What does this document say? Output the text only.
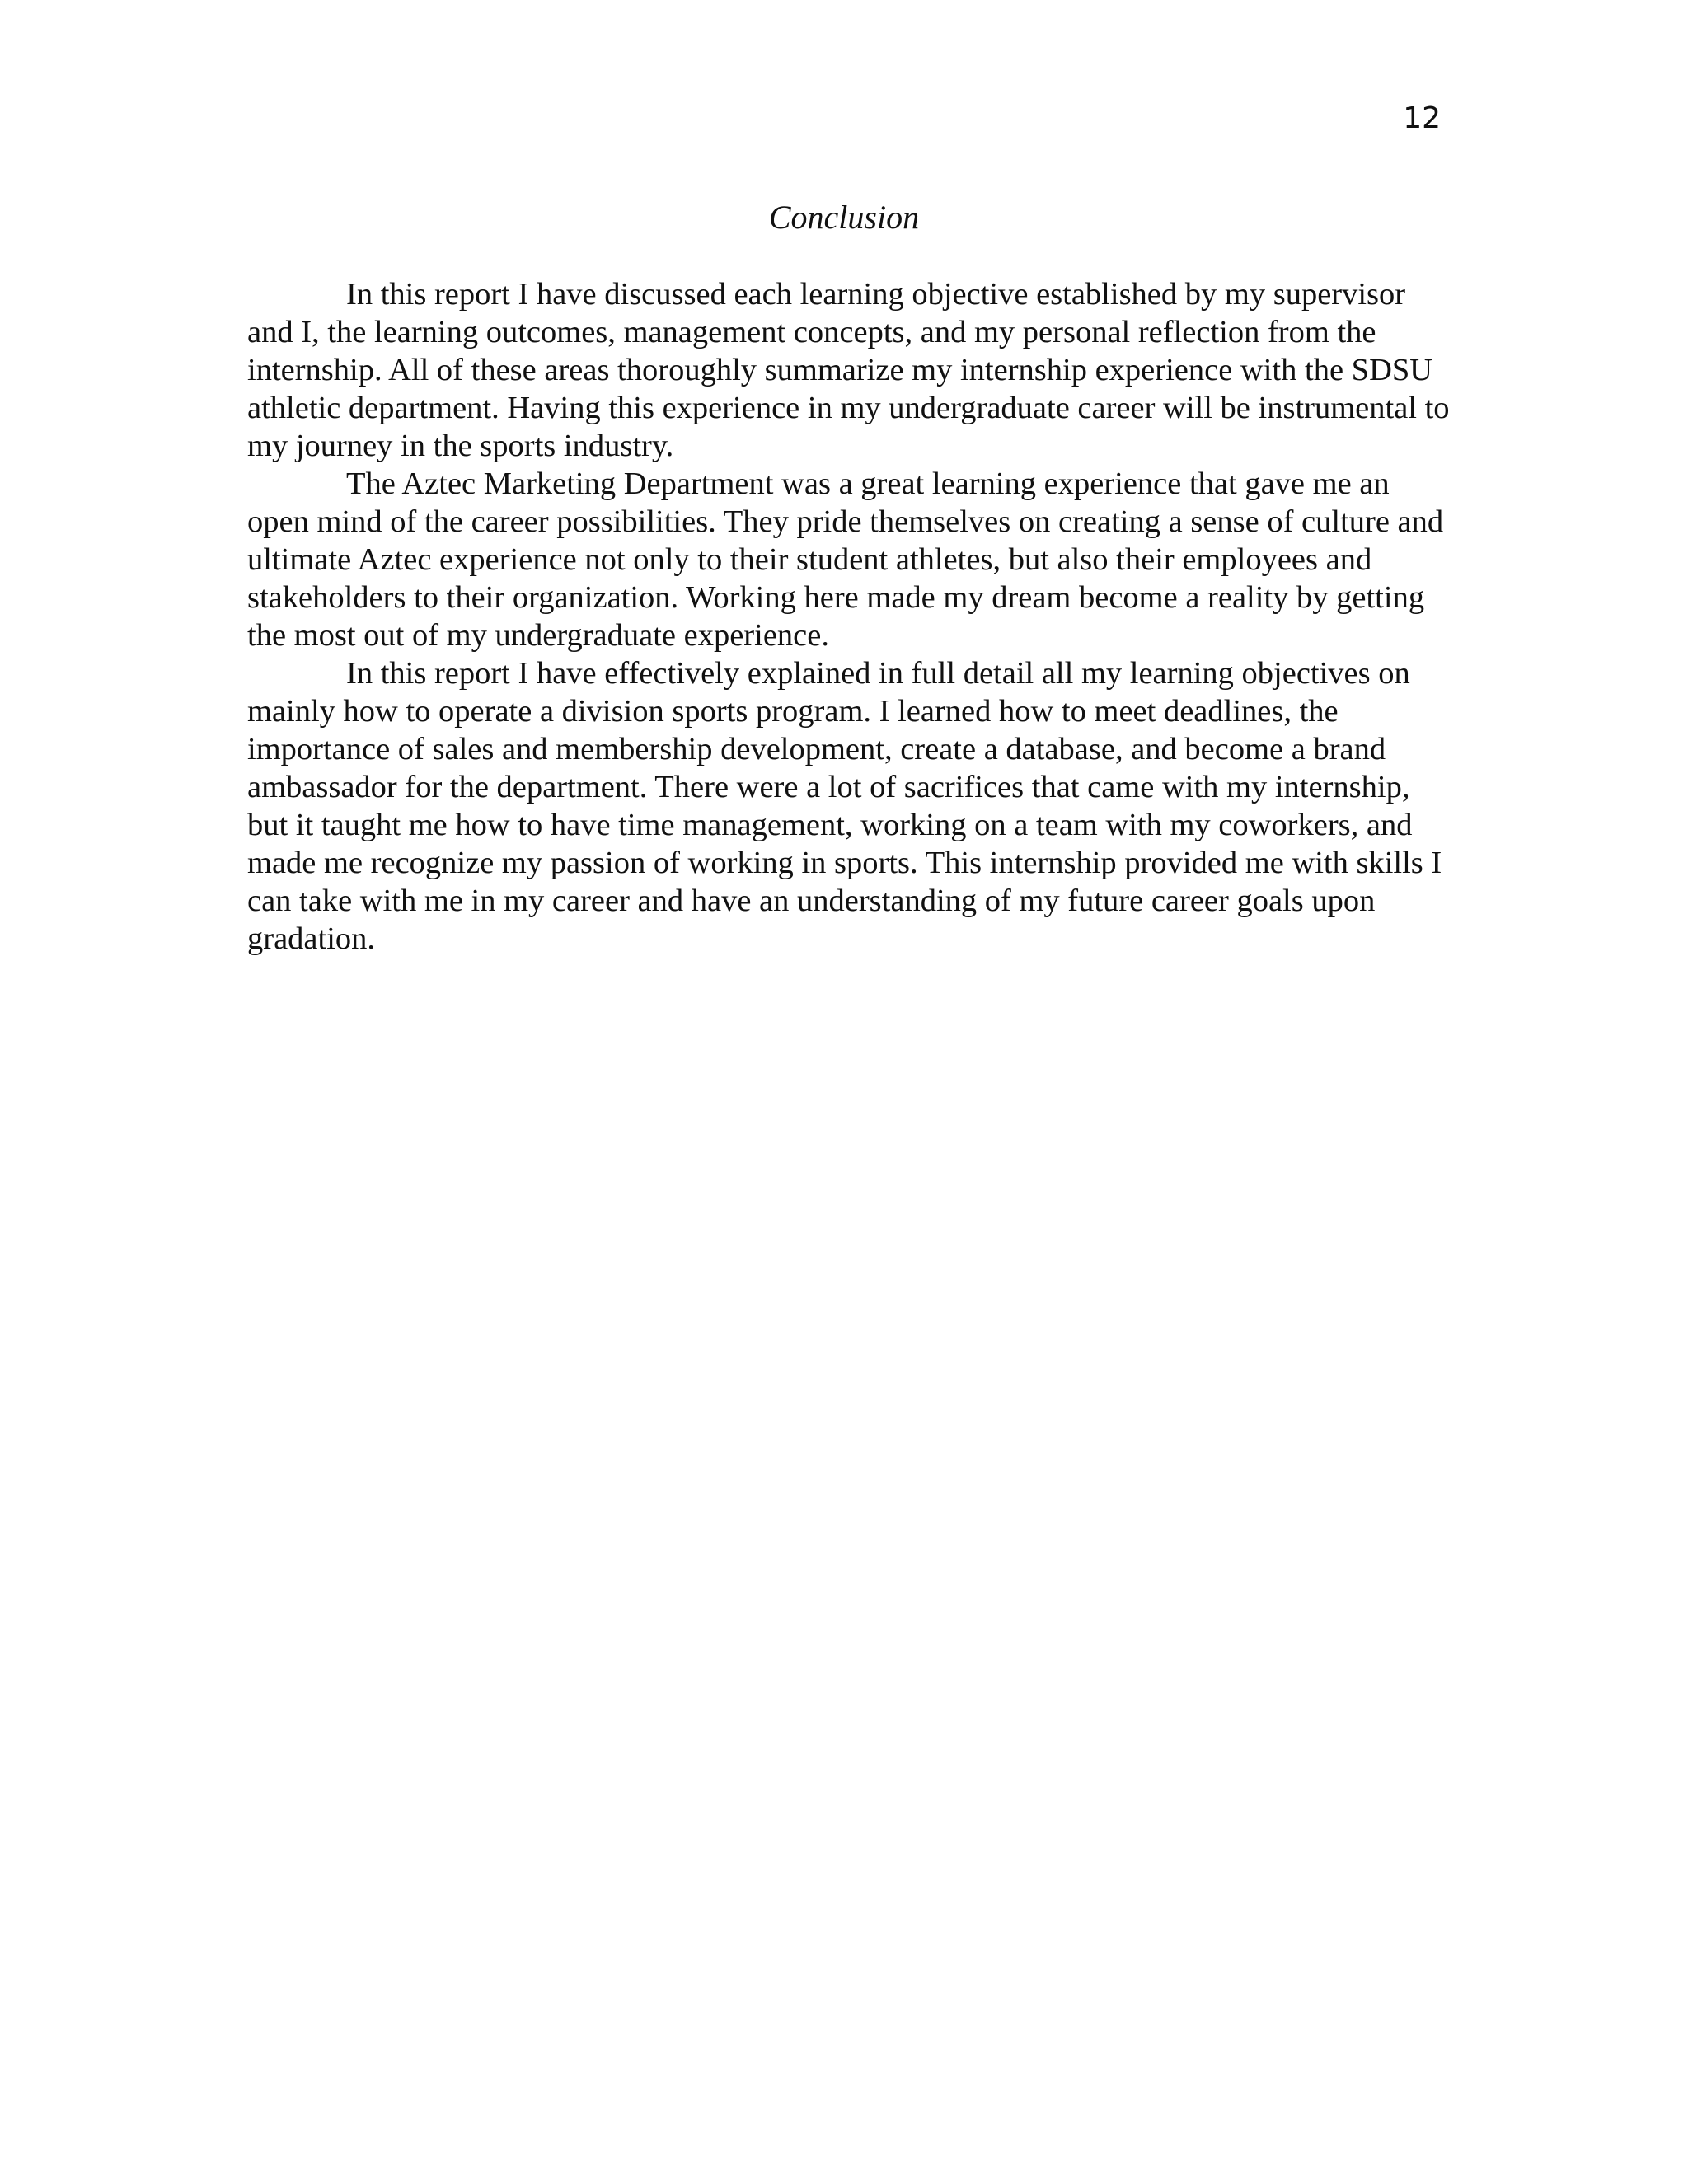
12
Conclusion

In this report I have discussed each learning objective established by my supervisor and I, the learning outcomes, management concepts, and my personal reflection from the internship. All of these areas thoroughly summarize my internship experience with the SDSU athletic department. Having this experience in my undergraduate career will be instrumental to my journey in the sports industry.

The Aztec Marketing Department was a great learning experience that gave me an open mind of the career possibilities. They pride themselves on creating a sense of culture and ultimate Aztec experience not only to their student athletes, but also their employees and stakeholders to their organization. Working here made my dream become a reality by getting the most out of my undergraduate experience.

In this report I have effectively explained in full detail all my learning objectives on mainly how to operate a division sports program. I learned how to meet deadlines, the importance of sales and membership development, create a database, and become a brand ambassador for the department. There were a lot of sacrifices that came with my internship, but it taught me how to have time management, working on a team with my coworkers, and made me recognize my passion of working in sports. This internship provided me with skills I can take with me in my career and have an understanding of my future career goals upon gradation.
